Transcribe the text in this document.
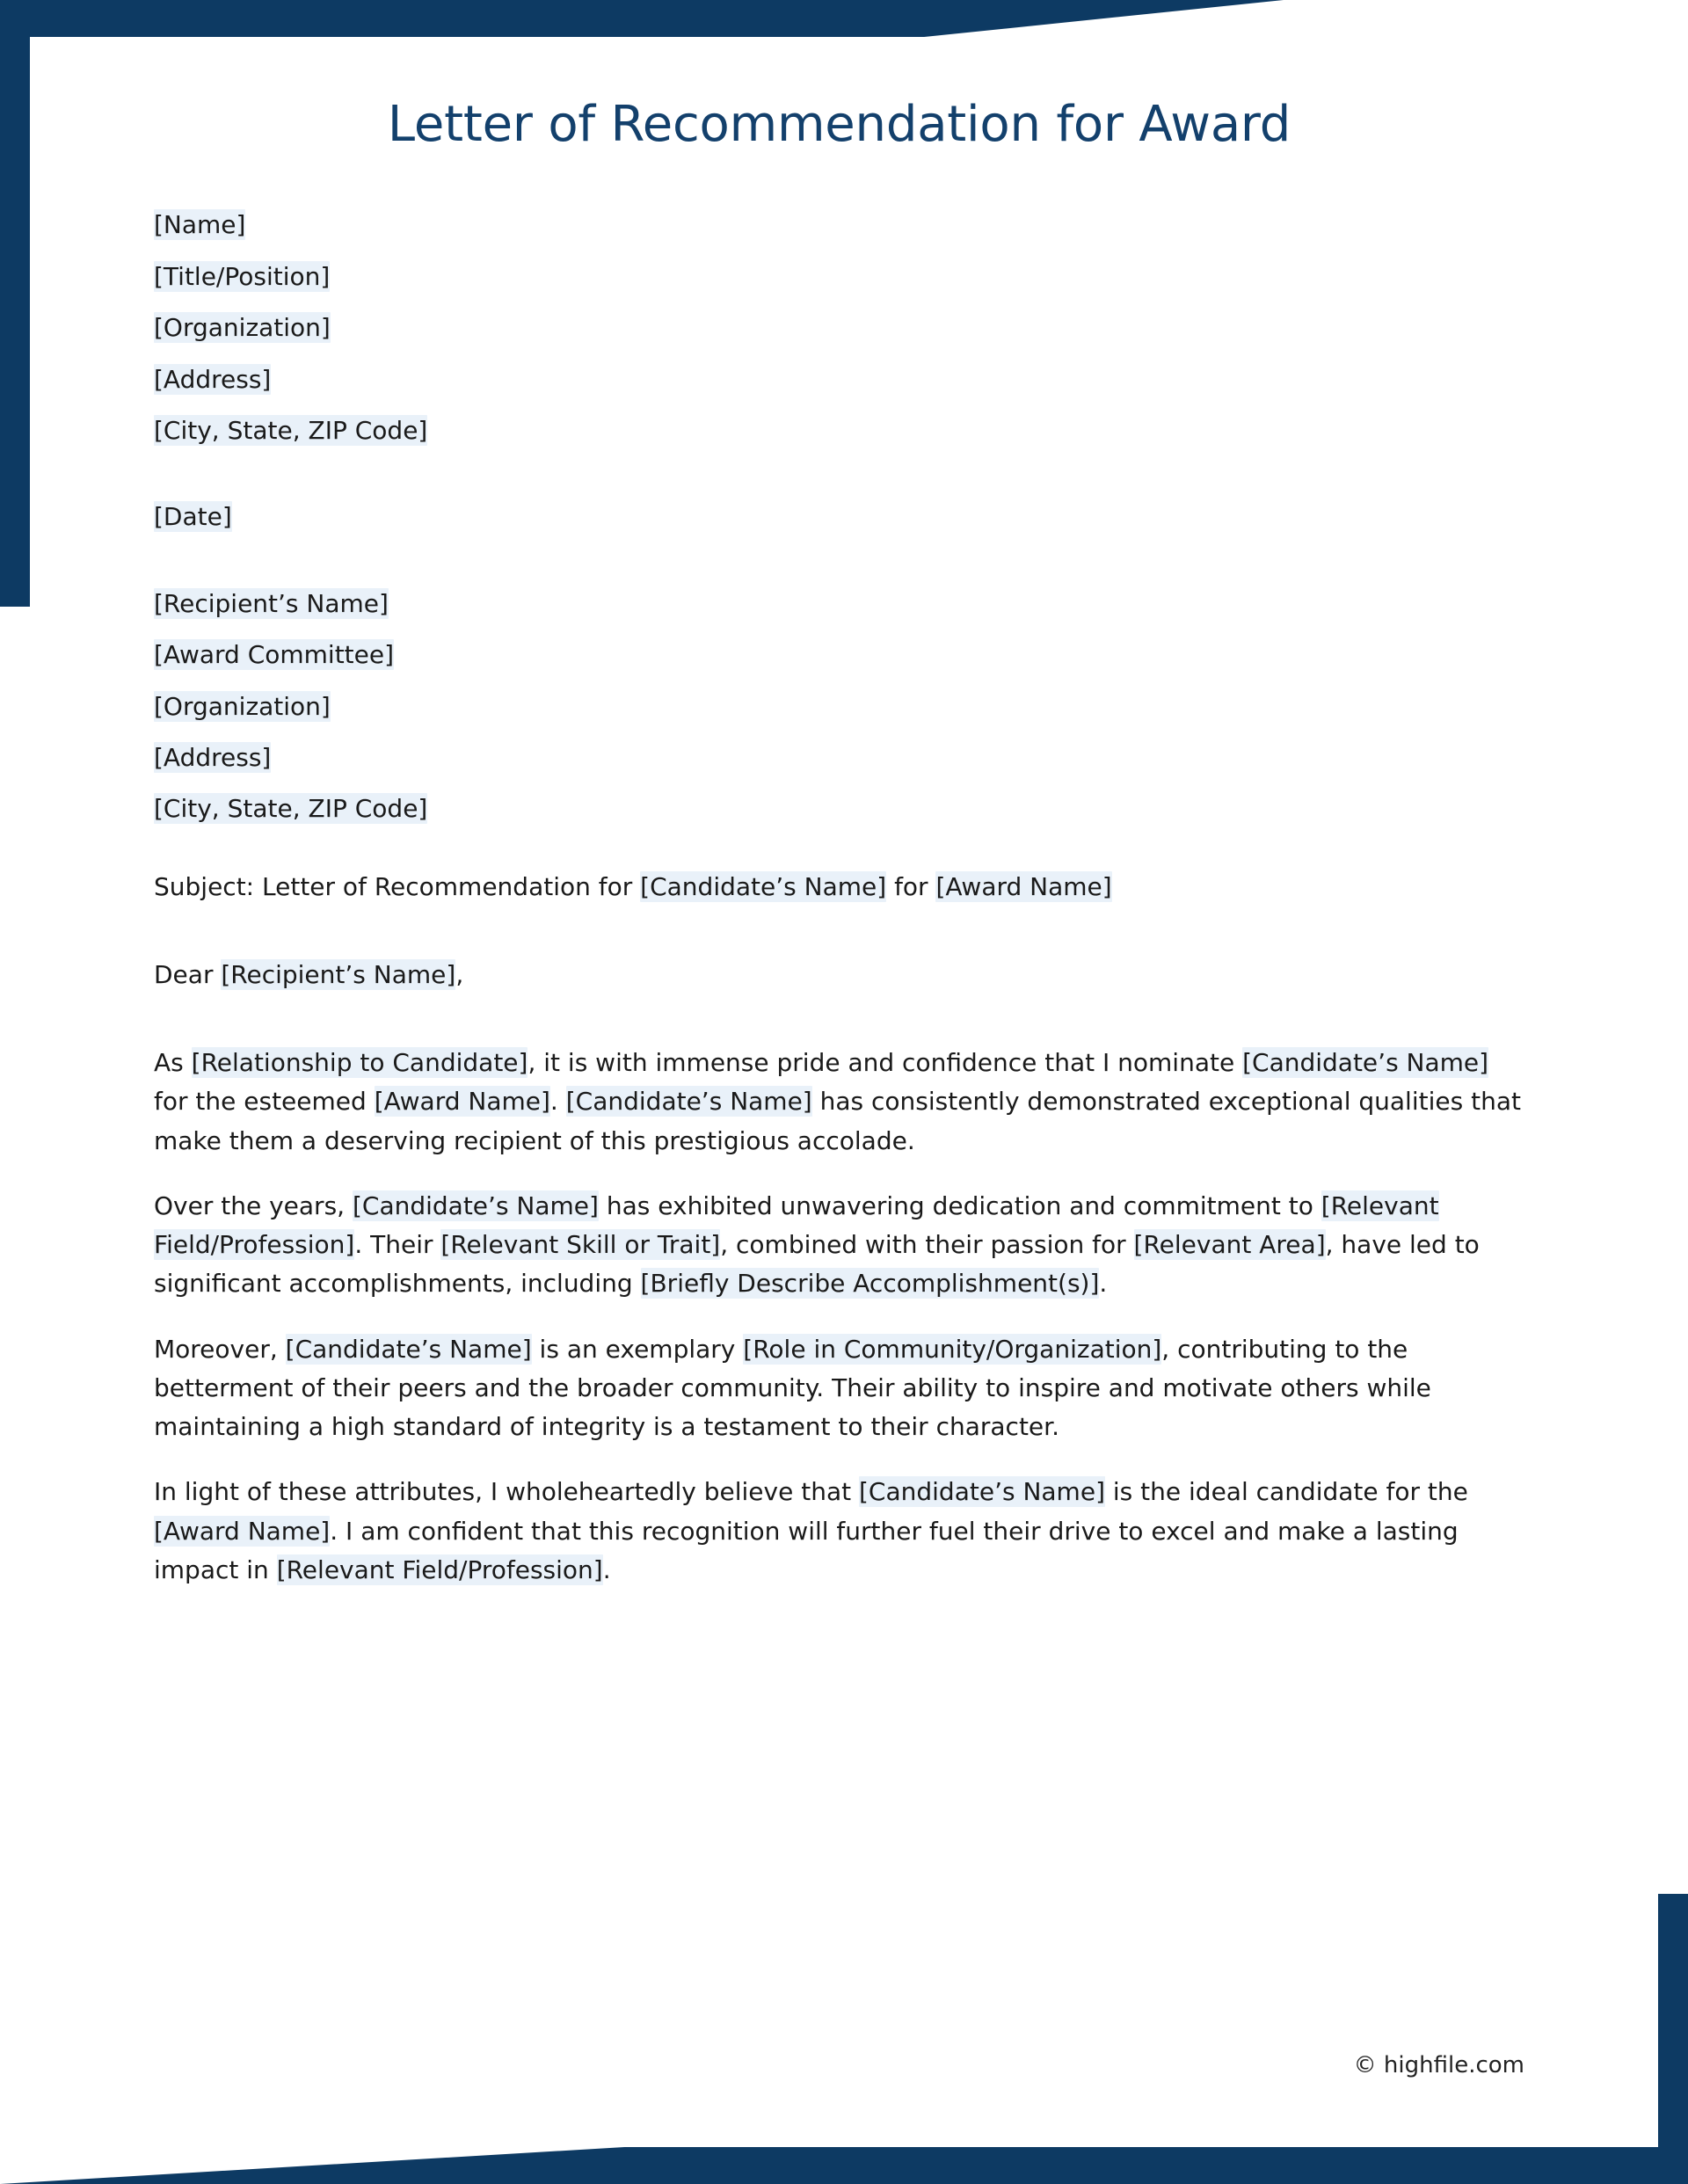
Letter of Recommendation for Award

[Name]

[Title/Position]

[Organization]

[Address]

[City, State, ZIP Code]

[Date]

[Recipient’s Name]

[Award Committee]

[Organization]

[Address]

[City, State, ZIP Code]

Subject: Letter of Recommendation for [Candidate’s Name] for [Award Name]

Dear [Recipient’s Name],

As [Relationship to Candidate], it is with immense pride and confidence that I nominate [Candidate’s Name] for the esteemed [Award Name]. [Candidate’s Name] has consistently demonstrated exceptional qualities that make them a deserving recipient of this prestigious accolade.

Over the years, [Candidate’s Name] has exhibited unwavering dedication and commitment to [Relevant Field/Profession]. Their [Relevant Skill or Trait], combined with their passion for [Relevant Area], have led to significant accomplishments, including [Briefly Describe Accomplishment(s)].

Moreover, [Candidate’s Name] is an exemplary [Role in Community/Organization], contributing to the betterment of their peers and the broader community. Their ability to inspire and motivate others while maintaining a high standard of integrity is a testament to their character.

In light of these attributes, I wholeheartedly believe that [Candidate’s Name] is the ideal candidate for the [Award Name]. I am confident that this recognition will further fuel their drive to excel and make a lasting impact in [Relevant Field/Profession].

© highfile.com
